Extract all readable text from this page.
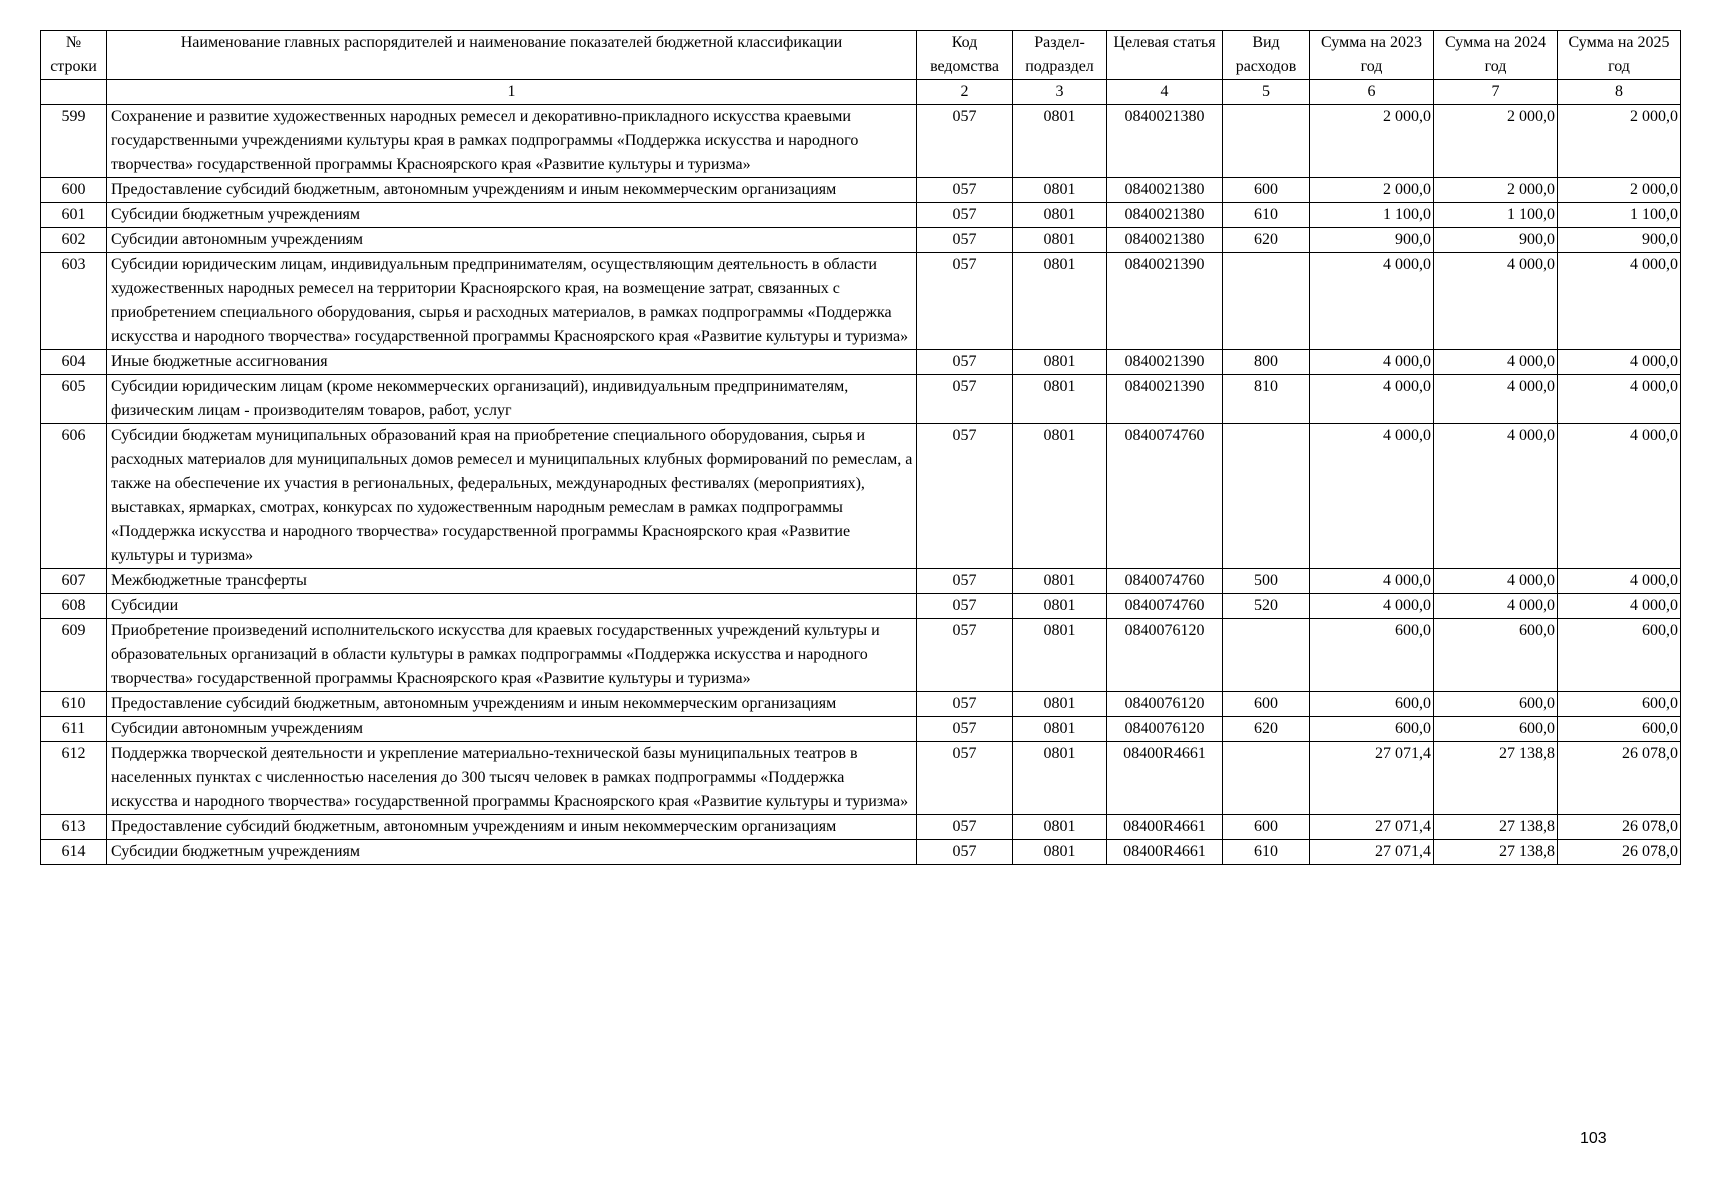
№ строки	Наименование главных распорядителей и наименование показателей бюджетной классификации	Код ведомства	Раздел-подраздел	Целевая статья	Вид расходов	Сумма на 2023 год	Сумма на 2024 год	Сумма на 2025 год
	1	2	3	4	5	6	7	8
599	Сохранение и развитие художественных народных ремесел и декоративно-прикладного искусства краевыми государственными учреждениями культуры края в рамках подпрограммы «Поддержка искусства и народного творчества» государственной программы Красноярского края «Развитие культуры и туризма»	057	0801	0840021380		2 000,0	2 000,0	2 000,0
600	Предоставление субсидий бюджетным, автономным учреждениям и иным некоммерческим организациям	057	0801	0840021380	600	2 000,0	2 000,0	2 000,0
601	Субсидии бюджетным учреждениям	057	0801	0840021380	610	1 100,0	1 100,0	1 100,0
602	Субсидии автономным учреждениям	057	0801	0840021380	620	900,0	900,0	900,0
603	Субсидии юридическим лицам, индивидуальным предпринимателям, осуществляющим деятельность в области художественных народных ремесел на территории Красноярского края, на возмещение затрат, связанных с приобретением специального оборудования, сырья и расходных материалов, в рамках подпрограммы «Поддержка искусства и народного творчества» государственной программы Красноярского края «Развитие культуры и туризма»	057	0801	0840021390		4 000,0	4 000,0	4 000,0
604	Иные бюджетные ассигнования	057	0801	0840021390	800	4 000,0	4 000,0	4 000,0
605	Субсидии юридическим лицам (кроме некоммерческих организаций), индивидуальным предпринимателям, физическим лицам - производителям товаров, работ, услуг	057	0801	0840021390	810	4 000,0	4 000,0	4 000,0
606	Субсидии бюджетам муниципальных образований края на приобретение специального оборудования, сырья и расходных материалов для муниципальных домов ремесел и муниципальных клубных формирований по ремеслам, а также на обеспечение их участия в региональных, федеральных, международных фестивалях (мероприятиях), выставках, ярмарках, смотрах, конкурсах по художественным народным ремеслам в рамках подпрограммы «Поддержка искусства и народного творчества» государственной программы Красноярского края «Развитие культуры и туризма»	057	0801	0840074760		4 000,0	4 000,0	4 000,0
607	Межбюджетные трансферты	057	0801	0840074760	500	4 000,0	4 000,0	4 000,0
608	Субсидии	057	0801	0840074760	520	4 000,0	4 000,0	4 000,0
609	Приобретение произведений исполнительского искусства для краевых государственных учреждений культуры и образовательных организаций в области культуры в рамках подпрограммы «Поддержка искусства и народного творчества» государственной программы Красноярского края «Развитие культуры и туризма»	057	0801	0840076120		600,0	600,0	600,0
610	Предоставление субсидий бюджетным, автономным учреждениям и иным некоммерческим организациям	057	0801	0840076120	600	600,0	600,0	600,0
611	Субсидии автономным учреждениям	057	0801	0840076120	620	600,0	600,0	600,0
612	Поддержка творческой деятельности и укрепление материально-технической базы муниципальных театров в населенных пунктах с численностью населения до 300 тысяч человек в рамках подпрограммы «Поддержка искусства и народного творчества» государственной программы Красноярского края «Развитие культуры и туризма»	057	0801	08400R4661		27 071,4	27 138,8	26 078,0
613	Предоставление субсидий бюджетным, автономным учреждениям и иным некоммерческим организациям	057	0801	08400R4661	600	27 071,4	27 138,8	26 078,0
614	Субсидии бюджетным учреждениям	057	0801	08400R4661	610	27 071,4	27 138,8	26 078,0
103
